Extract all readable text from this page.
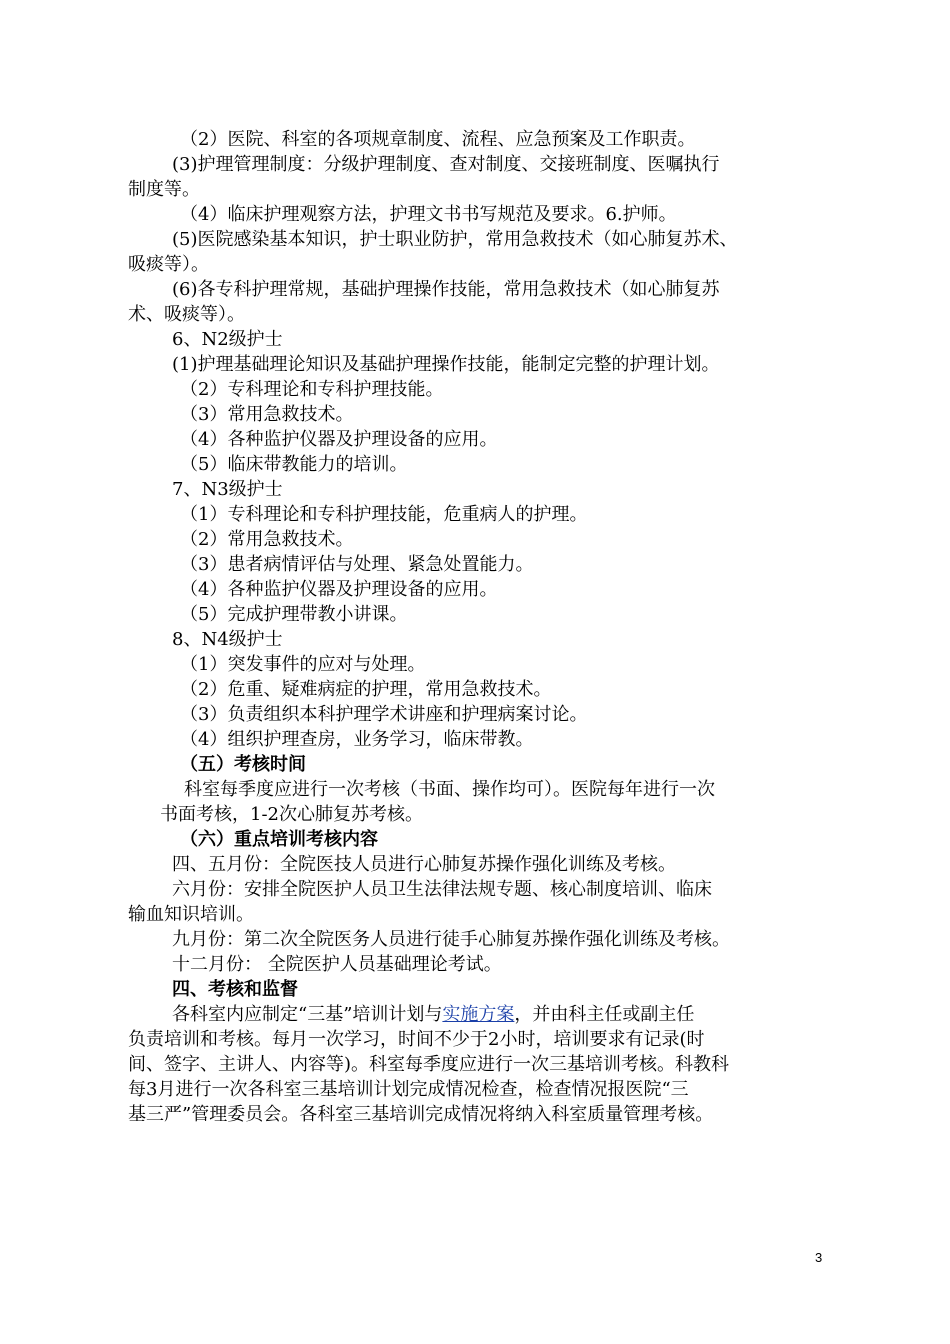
（2）医院、科室的各项规章制度、流程、应急预案及工作职责。
(3)护理管理制度：分级护理制度、查对制度、交接班制度、医嘱执行
制度等。
（4）临床护理观察方法，护理文书书写规范及要求。6.护师。
(5)医院感染基本知识，护士职业防护，常用急救技术（如心肺复苏术、
吸痰等）。
(6)各专科护理常规，基础护理操作技能，常用急救技术（如心肺复苏
术、吸痰等）。
6、N2级护士
(1)护理基础理论知识及基础护理操作技能，能制定完整的护理计划。
（2）专科理论和专科护理技能。
（3）常用急救技术。
（4）各种监护仪器及护理设备的应用。
（5）临床带教能力的培训。
7、N3级护士
（1）专科理论和专科护理技能，危重病人的护理。
（2）常用急救技术。
（3）患者病情评估与处理、紧急处置能力。
（4）各种监护仪器及护理设备的应用。
（5）完成护理带教小讲课。
8、N4级护士
（1）突发事件的应对与处理。
（2）危重、疑难病症的护理，常用急救技术。
（3）负责组织本科护理学术讲座和护理病案讨论。
（4）组织护理查房，业务学习，临床带教。
（五）考核时间
科室每季度应进行一次考核（书面、操作均可）。医院每年进行一次
书面考核，1-2次心肺复苏考核。
（六）重点培训考核内容
四、五月份：全院医技人员进行心肺复苏操作强化训练及考核。
六月份：安排全院医护人员卫生法律法规专题、核心制度培训、临床
输血知识培训。
九月份：第二次全院医务人员进行徒手心肺复苏操作强化训练及考核。
十二月份： 全院医护人员基础理论考试。
四、考核和监督
各科室内应制定“三基”培训计划与实施方案，并由科主任或副主任
负责培训和考核。每月一次学习，时间不少于2小时，培训要求有记录(时
间、签字、主讲人、内容等)。科室每季度应进行一次三基培训考核。科教科
每3月进行一次各科室三基培训计划完成情况检查，检查情况报医院“三
基三严”管理委员会。各科室三基培训完成情况将纳入科室质量管理考核。
3
